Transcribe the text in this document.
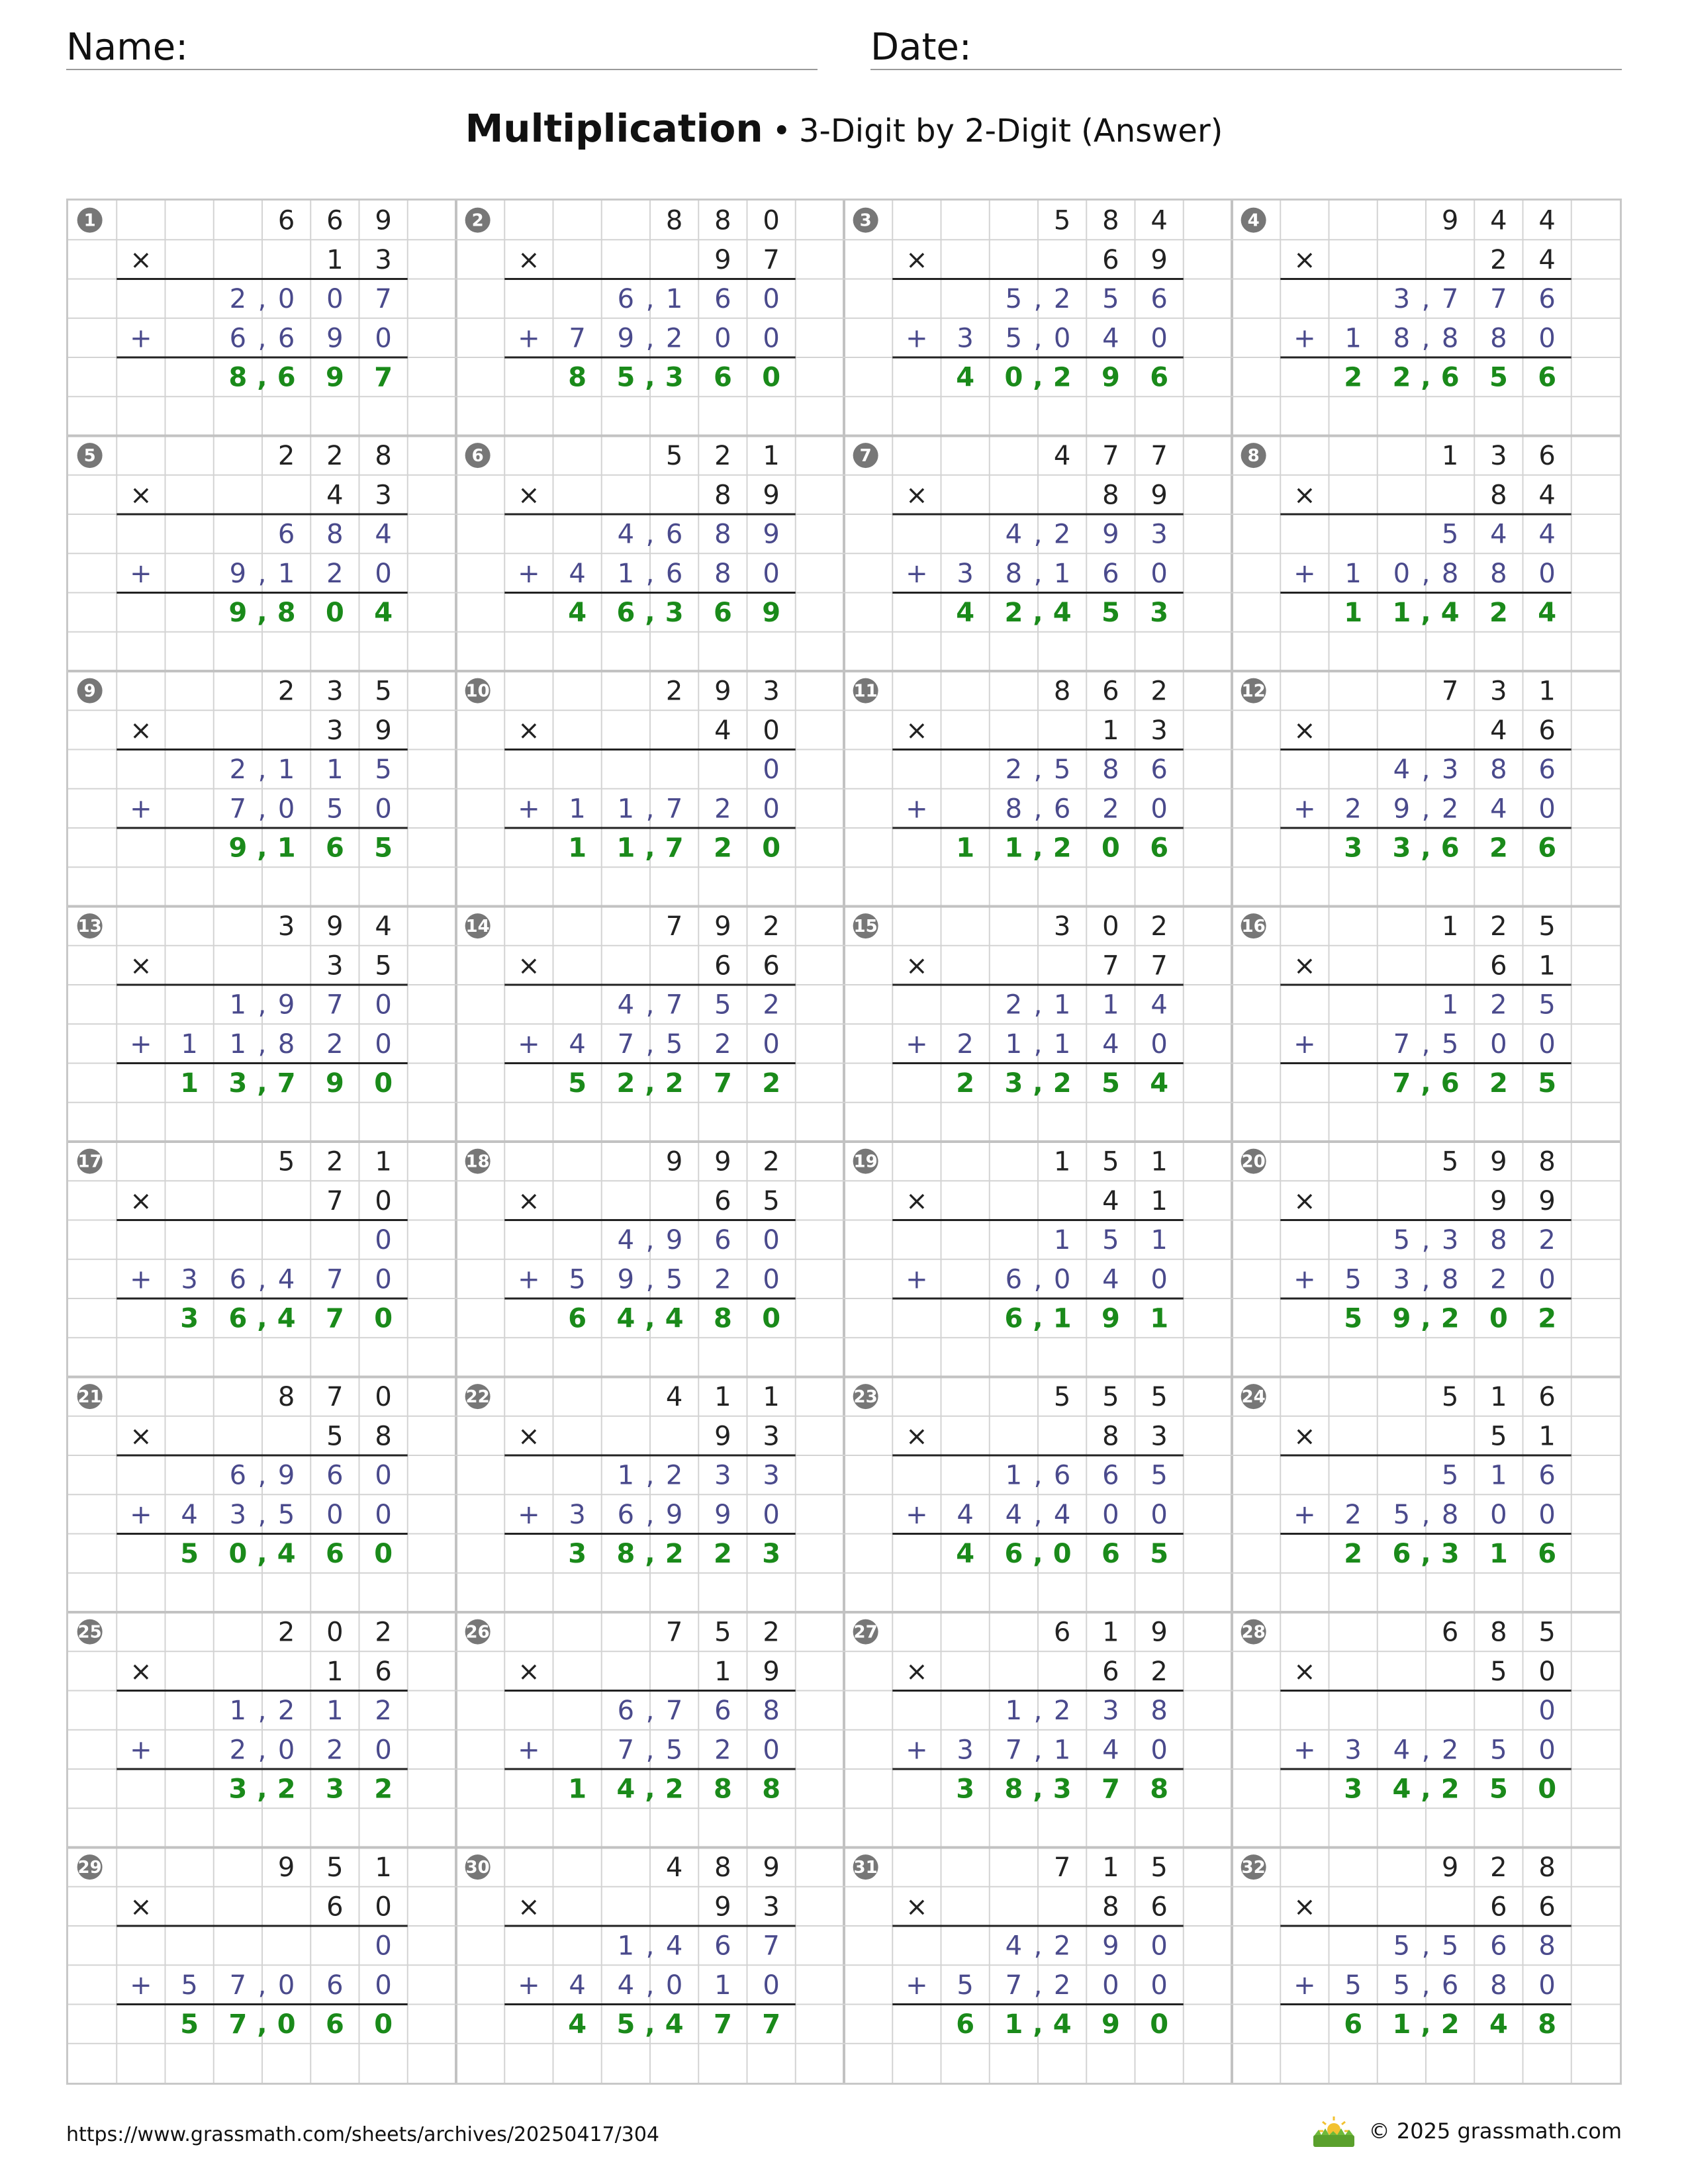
Name:	Date:
Multiplication • 3-Digit by 2-Digit (Answer)
1
×
+
6 6 9
1 3
2 , 0 0 7
6 , 6 9 0
8 , 6 9 7
2
×
+
8 8 0
9 7
6 , 1 6 0
7 9 , 2 0 0
8 5 , 3 6 0
3
×
+
5 8 4
6 9
5 , 2 5 6
3 5 , 0 4 0
4 0 , 2 9 6
4
×
+
9 4 4
2 4
3 , 7 7 6
1 8 , 8 8 0
2 2 , 6 5 6
5
×
+
2 2 8
4 3
6 8 4
9 , 1 2 0
9 , 8 0 4
6
×
+
5 2 1
8 9
4 , 6 8 9
4 1 , 6 8 0
4 6 , 3 6 9
7
×
+
4 7 7
8 9
4 , 2 9 3
3 8 , 1 6 0
4 2 , 4 5 3
8
×
+
1 3 6
8 4
5 4 4
1 0 , 8 8 0
1 1 , 4 2 4
9
×
+
2 3 5
3 9
2 , 1 1 5
7 , 0 5 0
9 , 1 6 5
10
×
+
2 9 3
4 0
0
1 1 , 7 2 0
1 1 , 7 2 0
11
×
+
8 6 2
1 3
2 , 5 8 6
8 , 6 2 0
1 1 , 2 0 6
12
×
+
7 3 1
4 6
4 , 3 8 6
2 9 , 2 4 0
3 3 , 6 2 6
13
×
+
3 9 4
3 5
1 , 9 7 0
1 1 , 8 2 0
1 3 , 7 9 0
14
×
+
7 9 2
6 6
4 , 7 5 2
4 7 , 5 2 0
5 2 , 2 7 2
15
×
+
3 0 2
7 7
2 , 1 1 4
2 1 , 1 4 0
2 3 , 2 5 4
16
×
+
1 2 5
6 1
1 2 5
7 , 5 0 0
7 , 6 2 5
17
×
+
5 2 1
7 0
0
3 6 , 4 7 0
3 6 , 4 7 0
18
×
+
9 9 2
6 5
4 , 9 6 0
5 9 , 5 2 0
6 4 , 4 8 0
19
×
+
1 5 1
4 1
1 5 1
6 , 0 4 0
6 , 1 9 1
20
×
+
5 9 8
9 9
5 , 3 8 2
5 3 , 8 2 0
5 9 , 2 0 2
21
×
+
8 7 0
5 8
6 , 9 6 0
4 3 , 5 0 0
5 0 , 4 6 0
22
×
+
4 1 1
9 3
1 , 2 3 3
3 6 , 9 9 0
3 8 , 2 2 3
23
×
+
5 5 5
8 3
1 , 6 6 5
4 4 , 4 0 0
4 6 , 0 6 5
24
×
+
5 1 6
5 1
5 1 6
2 5 , 8 0 0
2 6 , 3 1 6
25
×
+
2 0 2
1 6
1 , 2 1 2
2 , 0 2 0
3 , 2 3 2
26
×
+
7 5 2
1 9
6 , 7 6 8
7 , 5 2 0
1 4 , 2 8 8
27
×
+
6 1 9
6 2
1 , 2 3 8
3 7 , 1 4 0
3 8 , 3 7 8
28
×
+
6 8 5
5 0
0
3 4 , 2 5 0
3 4 , 2 5 0
29
×
+
9 5 1
6 0
0
5 7 , 0 6 0
5 7 , 0 6 0
30
×
+
4 8 9
9 3
1 , 4 6 7
4 4 , 0 1 0
4 5 , 4 7 7
31
×
+
7 1 5
8 6
4 , 2 9 0
5 7 , 2 0 0
6 1 , 4 9 0
32
×
+
9 2 8
6 6
5 , 5 6 8
5 5 , 6 8 0
6 1 , 2 4 8
https://www.grassmath.com/sheets/archives/20250417/304	© 2025 grassmath.com
